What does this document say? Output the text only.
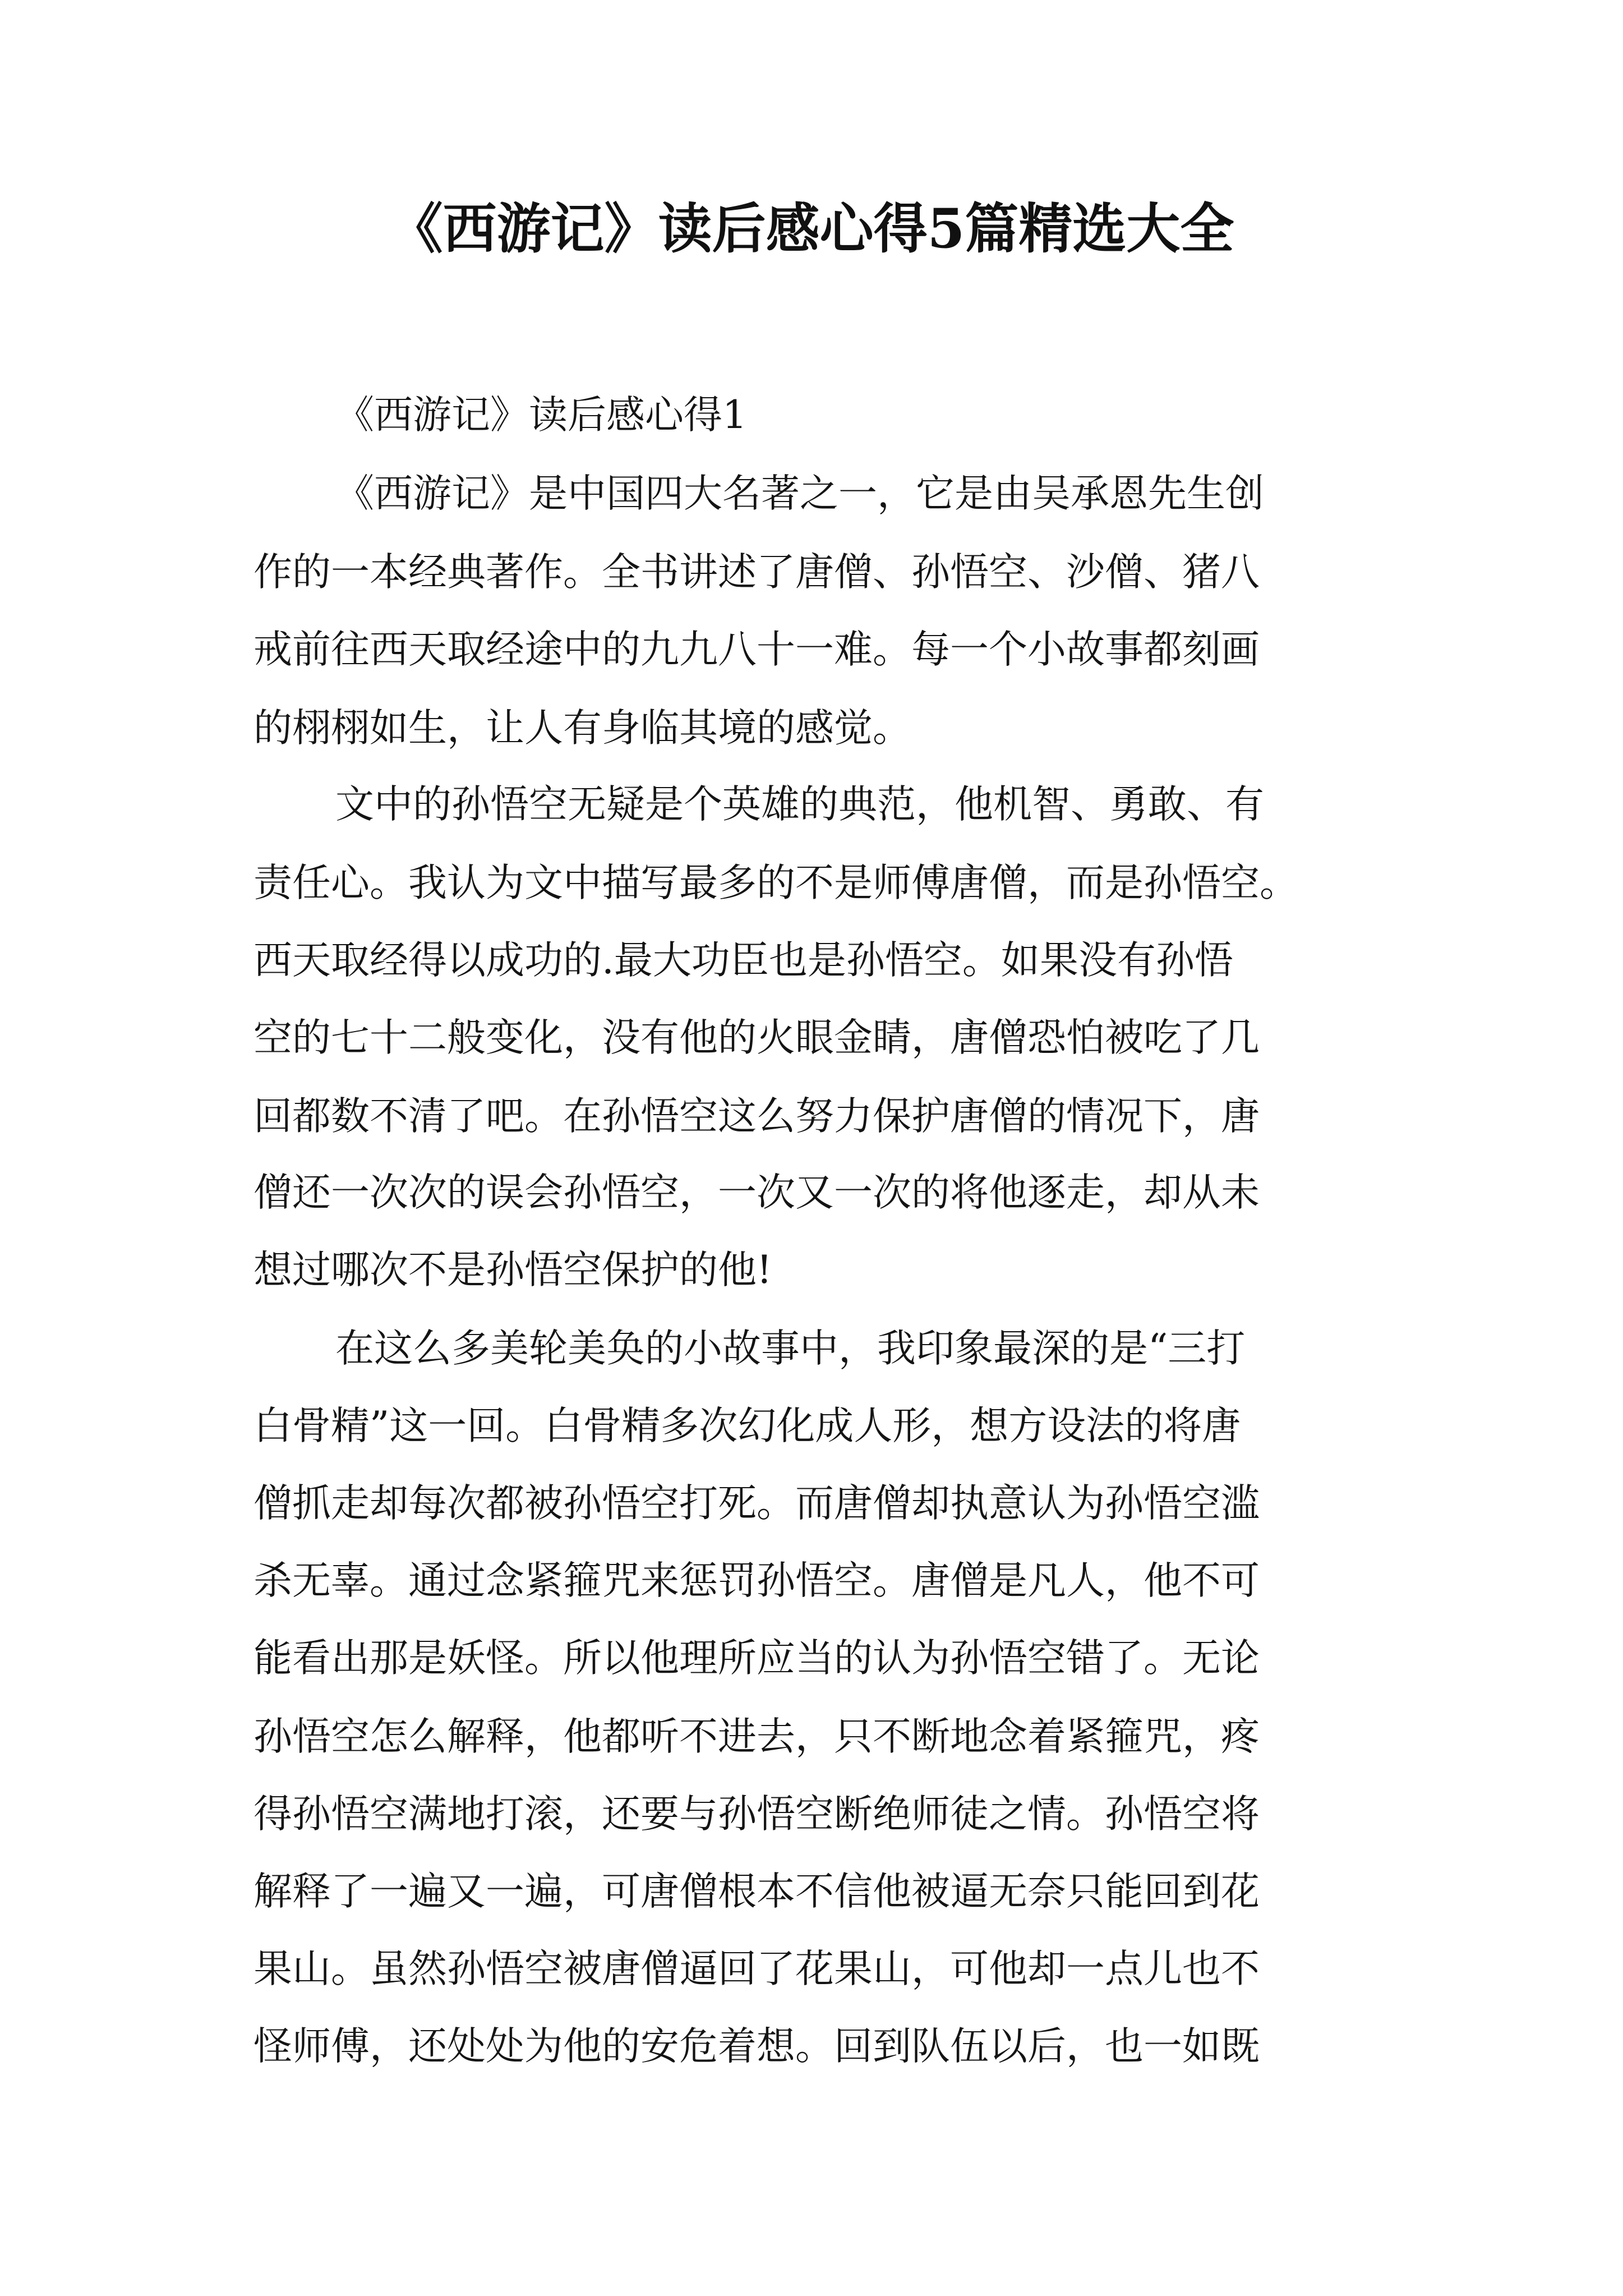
《西游记》读后感心得5篇精选大全

《西游记》读后感心得1

《西游记》是中国四大名著之一，它是由吴承恩先生创

作的一本经典著作。全书讲述了唐僧、孙悟空、沙僧、猪八

戒前往西天取经途中的九九八十一难。每一个小故事都刻画

的栩栩如生，让人有身临其境的感觉。

文中的孙悟空无疑是个英雄的典范，他机智、勇敢、有

责任心。我认为文中描写最多的不是师傅唐僧，而是孙悟空。

西天取经得以成功的.最大功臣也是孙悟空。如果没有孙悟

空的七十二般变化，没有他的火眼金睛，唐僧恐怕被吃了几

回都数不清了吧。在孙悟空这么努力保护唐僧的情况下，唐

僧还一次次的误会孙悟空，一次又一次的将他逐走，却从未

想过哪次不是孙悟空保护的他!

在这么多美轮美奂的小故事中，我印象最深的是“三打

白骨精”这一回。白骨精多次幻化成人形，想方设法的将唐

僧抓走却每次都被孙悟空打死。而唐僧却执意认为孙悟空滥

杀无辜。通过念紧箍咒来惩罚孙悟空。唐僧是凡人，他不可

能看出那是妖怪。所以他理所应当的认为孙悟空错了。无论

孙悟空怎么解释，他都听不进去，只不断地念着紧箍咒，疼

得孙悟空满地打滚，还要与孙悟空断绝师徒之情。孙悟空将

解释了一遍又一遍，可唐僧根本不信他被逼无奈只能回到花

果山。虽然孙悟空被唐僧逼回了花果山，可他却一点儿也不

怪师傅，还处处为他的安危着想。回到队伍以后，也一如既
